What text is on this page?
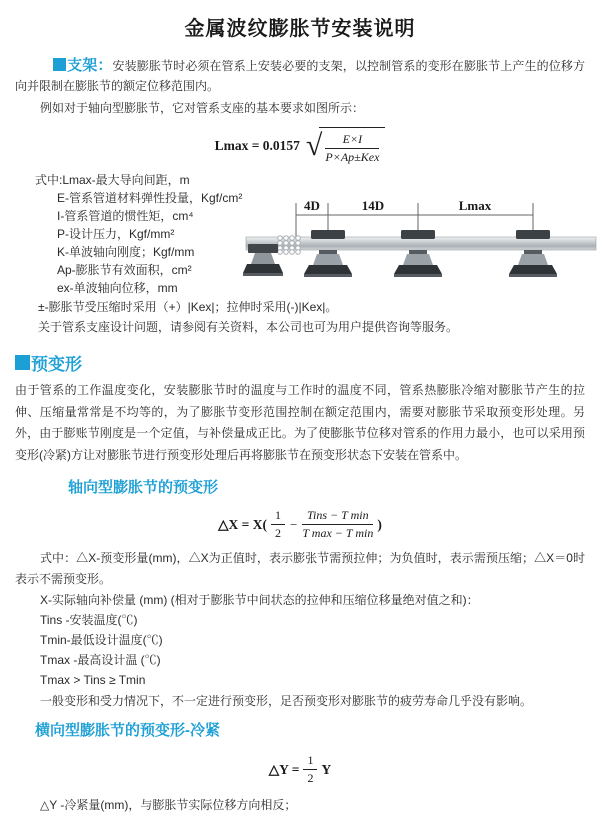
金属波纹膨胀节安装说明

支架：安装膨胀节时必须在管系上安装必要的支架，以控制管系的变形在膨胀节上产生的位移方向并限制在膨胀节的额定位移范围内。

例如对于轴向型膨胀节，它对管系支座的基本要求如图所示：

Lmax = 0.0157 √ $\frac{E\times I}{\text{P×Ap±Kex}}$
式中:Lmax-最大导向间距，m
E-管系管道材料弹性投量，Kgf/cm²
I-管系管道的惯性矩，cm⁴
P-设计压力，Kgf/mm²
K-单波轴向刚度；Kgf/mm
Ap-膨胀节有效面积，cm²
ex-单波轴向位移，mm
4D	14D	Lmax
±-膨胀节受压缩时采用（+）|Kex|；拉伸时采用(-)|Kex|。
关于管系支座设计问题，请参阅有关资料，本公司也可为用户提供咨询等服务。
预变形

由于管系的工作温度变化，安装膨胀节时的温度与工作时的温度不同，管系热膨胀冷缩对膨胀节产生的拉伸、压缩量常常是不均等的，为了膨胀节变形范围控制在额定范围内，需要对膨胀节采取预变形处理。另外，由于膨账节刚度是一个定值，与补偿量成正比。为了使膨胀节位移对管系的作用力最小，也可以采用预变形(冷紧)方让对膨胀节进行预变形处理后再将膨胀节在预变形状态下安装在管系中。

轴向型膨胀节的预变形
△X = $X( \frac{1}{2} - \frac{\text{Tins − T min}}{\text{T max − T min}}$ )

式中：△X-预变形量(mm)，△X为正值时，表示膨张节需预拉伸；为负值时，表示需预压缩；△X＝0时表示不需预变形。

X-实际轴向补偿量 (mm) (相对于膨胀节中间状态的拉伸和压缩位移量绝对值之和)：
Tins -安装温度(℃)
Tmin-最低设计温度(℃)
Tmax -最高设计温 (℃)
Tmax > Tins ≥ Tmin

一般变形和受力情况下，不一定进行预变形，足否预变形对膨胀节的疲劳寿命几乎没有影响。

横向型膨胀节的预变形-冷紧
△Y = $\frac{1}{2}$ Y
△Y -冷紧量(mm)，与膨胀节实际位移方向相反；
